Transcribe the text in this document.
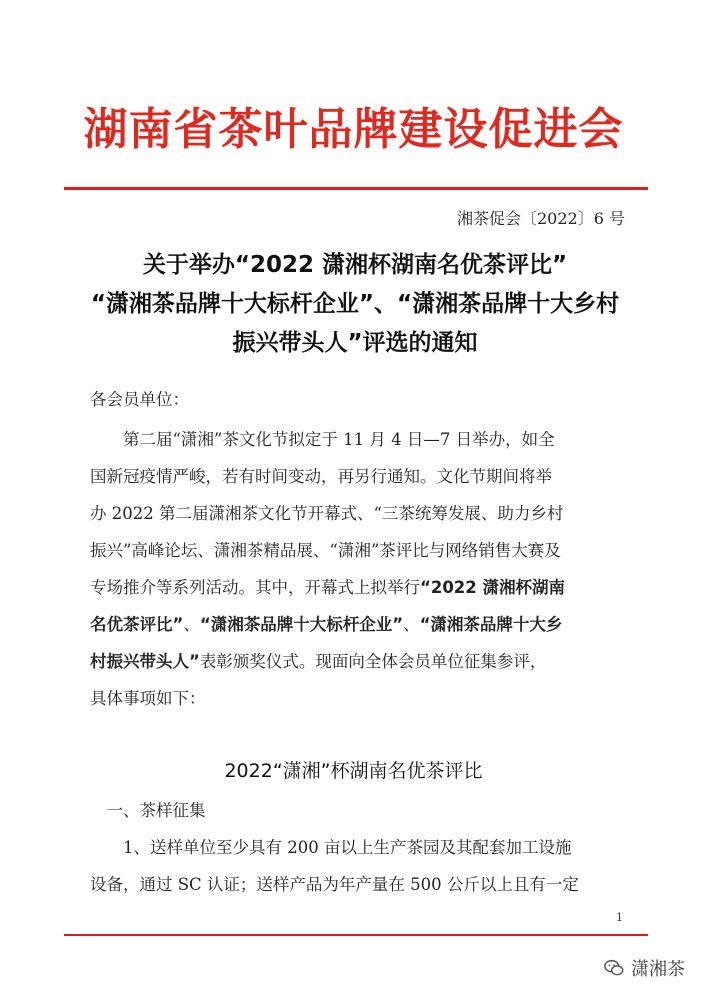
湖南省茶叶品牌建设促进会
湘茶促会〔2022〕6 号
关于举办“2022 潇湘杯湖南名优茶评比”
“潇湘茶品牌十大标杆企业”、“潇湘茶品牌十大乡村
振兴带头人”评选的通知
各会员单位：
　　第二届“潇湘”茶文化节拟定于 11 月 4 日—7 日举办，如全
国新冠疫情严峻，若有时间变动，再另行通知。文化节期间将举
办 2022 第二届潇湘茶文化节开幕式、“三茶统筹发展、助力乡村
振兴”高峰论坛、潇湘茶精品展、“潇湘”茶评比与网络销售大赛及
专场推介等系列活动。其中，开幕式上拟举行“2022 潇湘杯湖南
名优茶评比”、“潇湘茶品牌十大标杆企业”、“潇湘茶品牌十大乡
村振兴带头人”表彰颁奖仪式。现面向全体会员单位征集参评，
具体事项如下：
2022“潇湘”杯湖南名优茶评比
　一、茶样征集
　　1、送样单位至少具有 200 亩以上生产茶园及其配套加工设施
设备，通过 SC 认证；送样产品为年产量在 500 公斤以上且有一定
1
潇湘茶
